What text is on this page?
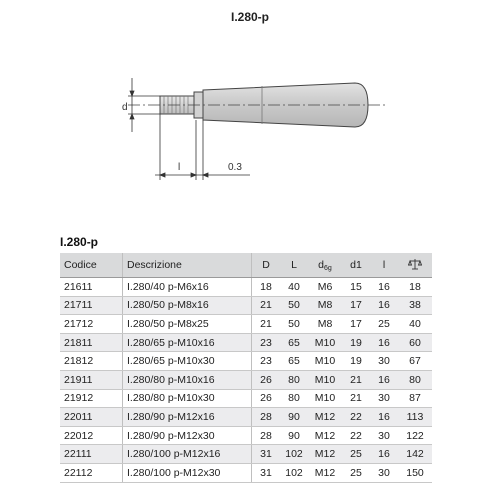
I.280-p
d
l	0.3
I.280-p
Codice	Descrizione	D	L	$d_{6g}$	d1	l	
21611	I.280/40 p-M6x16	18	40	M6	15	16	18
21711	I.280/50 p-M8x16	21	50	M8	17	16	38
21712	I.280/50 p-M8x25	21	50	M8	17	25	40
21811	I.280/65 p-M10x16	23	65	M10	19	16	60
21812	I.280/65 p-M10x30	23	65	M10	19	30	67
21911	I.280/80 p-M10x16	26	80	M10	21	16	80
21912	I.280/80 p-M10x30	26	80	M10	21	30	87
22011	I.280/90 p-M12x16	28	90	M12	22	16	113
22012	I.280/90 p-M12x30	28	90	M12	22	30	122
22111	I.280/100 p-M12x16	31	102	M12	25	16	142
22112	I.280/100 p-M12x30	31	102	M12	25	30	150
